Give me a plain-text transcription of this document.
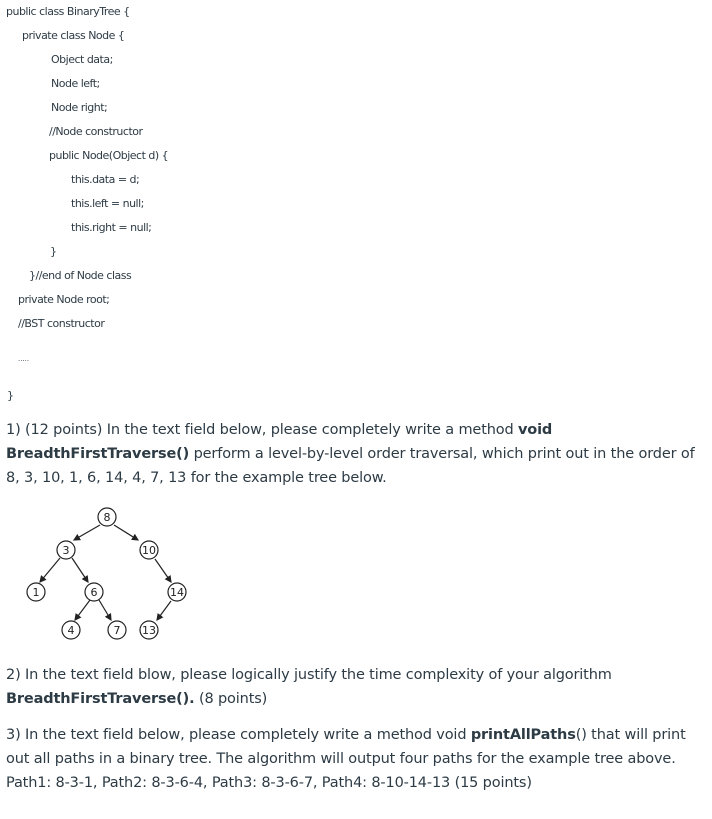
public class BinaryTree {
private class Node {
Object data;
Node left;
Node right;
//Node constructor
public Node(Object d) {
this.data = d;
this.left = null;
this.right = null;
}
}//end of Node class
private Node root;
//BST constructor
.....
}
1) (12 points) In the text field below, please completely write a method void BreadthFirstTraverse() perform a level-by-level order traversal, which print out in the order of 8, 3, 10, 1, 6, 14, 4, 7, 13 for the example tree below.
8
3	10
1	6	14
4	7 13
2) In the text field blow, please logically justify the time complexity of your algorithm BreadthFirstTraverse(). (8 points)
3) In the text field below, please completely write a method void printAllPaths() that will print out all paths in a binary tree. The algorithm will output four paths for the example tree above. Path1: 8-3-1, Path2: 8-3-6-4, Path3: 8-3-6-7, Path4: 8-10-14-13 (15 points)
